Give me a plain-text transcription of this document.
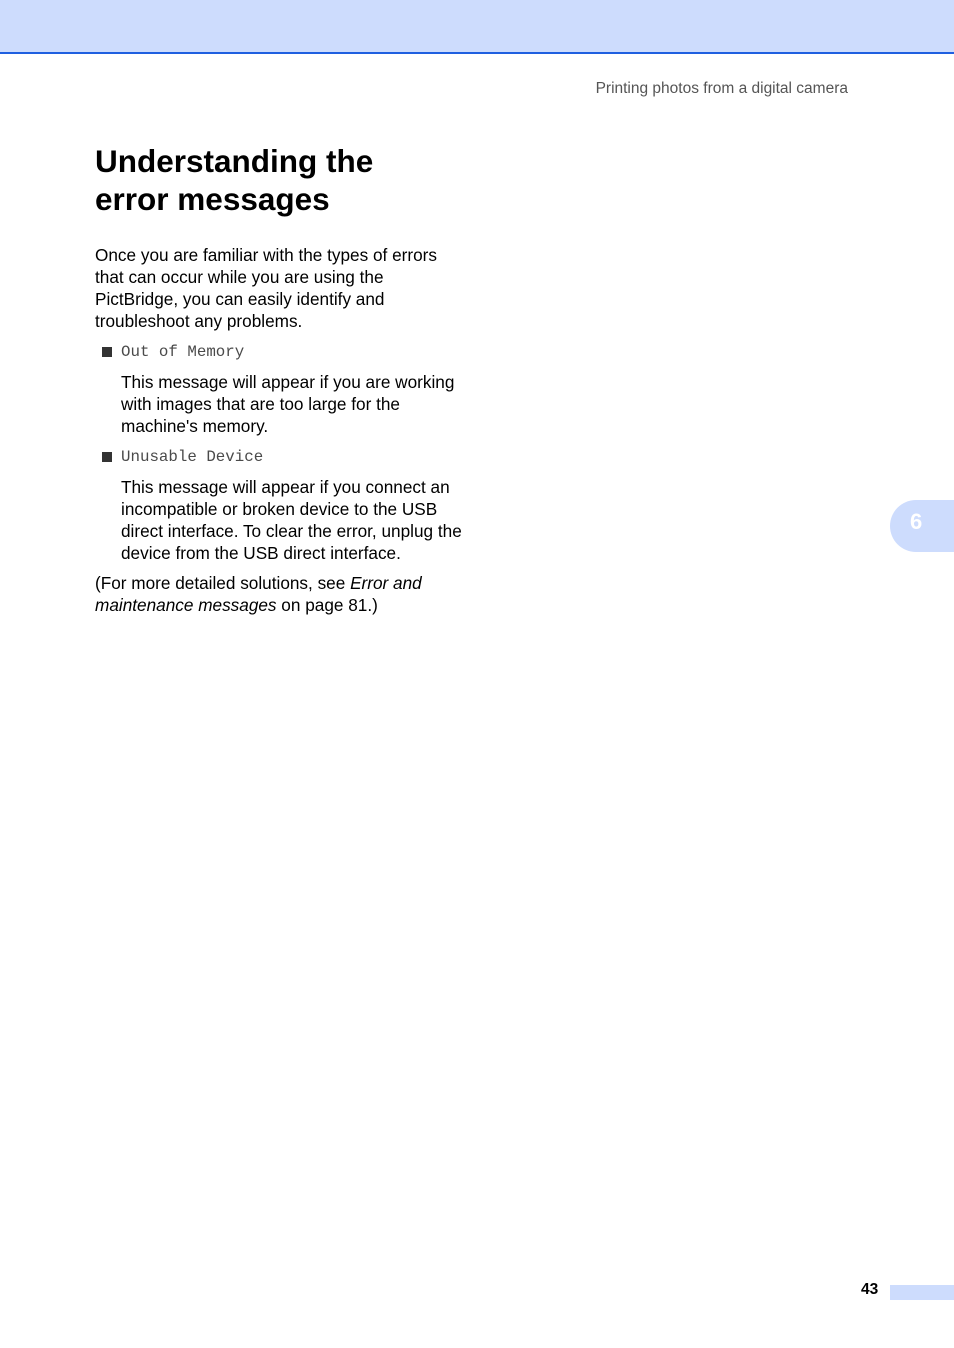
Printing photos from a digital camera
Understanding the
error messages

Once you are familiar with the types of errors that can occur while you are using the PictBridge, you can easily identify and troubleshoot any problems.

Out of Memory

This message will appear if you are working with images that are too large for the machine's memory.

Unusable Device

This message will appear if you connect an incompatible or broken device to the USB direct interface. To clear the error, unplug the device from the USB direct interface.

(For more detailed solutions, see Error and maintenance messages on page 81.)

6
43
